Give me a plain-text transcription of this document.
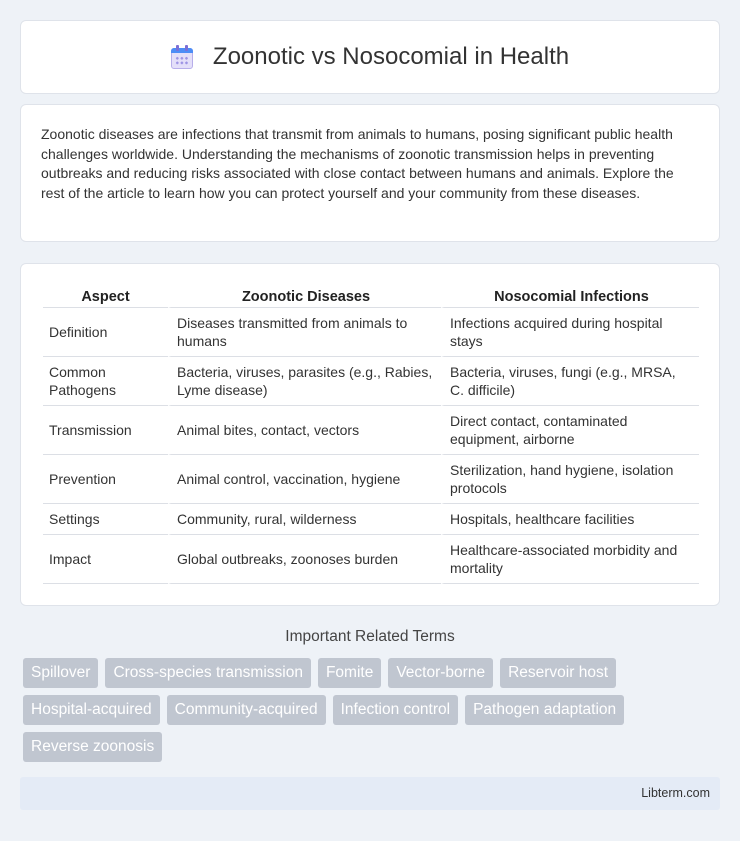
Zoonotic vs Nosocomial in Health

Zoonotic diseases are infections that transmit from animals to humans, posing significant public health challenges worldwide. Understanding the mechanisms of zoonotic transmission helps in preventing outbreaks and reducing risks associated with close contact between humans and animals. Explore the rest of the article to learn how you can protect yourself and your community from these diseases.

Aspect	Zoonotic Diseases	Nosocomial Infections
Definition	Diseases transmitted from animals to humans	Infections acquired during hospital stays
Common Pathogens	Bacteria, viruses, parasites (e.g., Rabies, Lyme disease)	Bacteria, viruses, fungi (e.g., MRSA, C. difficile)
Transmission	Animal bites, contact, vectors	Direct contact, contaminated equipment, airborne
Prevention	Animal control, vaccination, hygiene	Sterilization, hand hygiene, isolation protocols
Settings	Community, rural, wilderness	Hospitals, healthcare facilities
Impact	Global outbreaks, zoonoses burden	Healthcare-associated morbidity and mortality
Important Related Terms
Spillover	Cross-species transmission	Fomite	Vector-borne	Reservoir host
Hospital-acquired	Community-acquired	Infection control	Pathogen adaptation
Reverse zoonosis
Libterm.com
